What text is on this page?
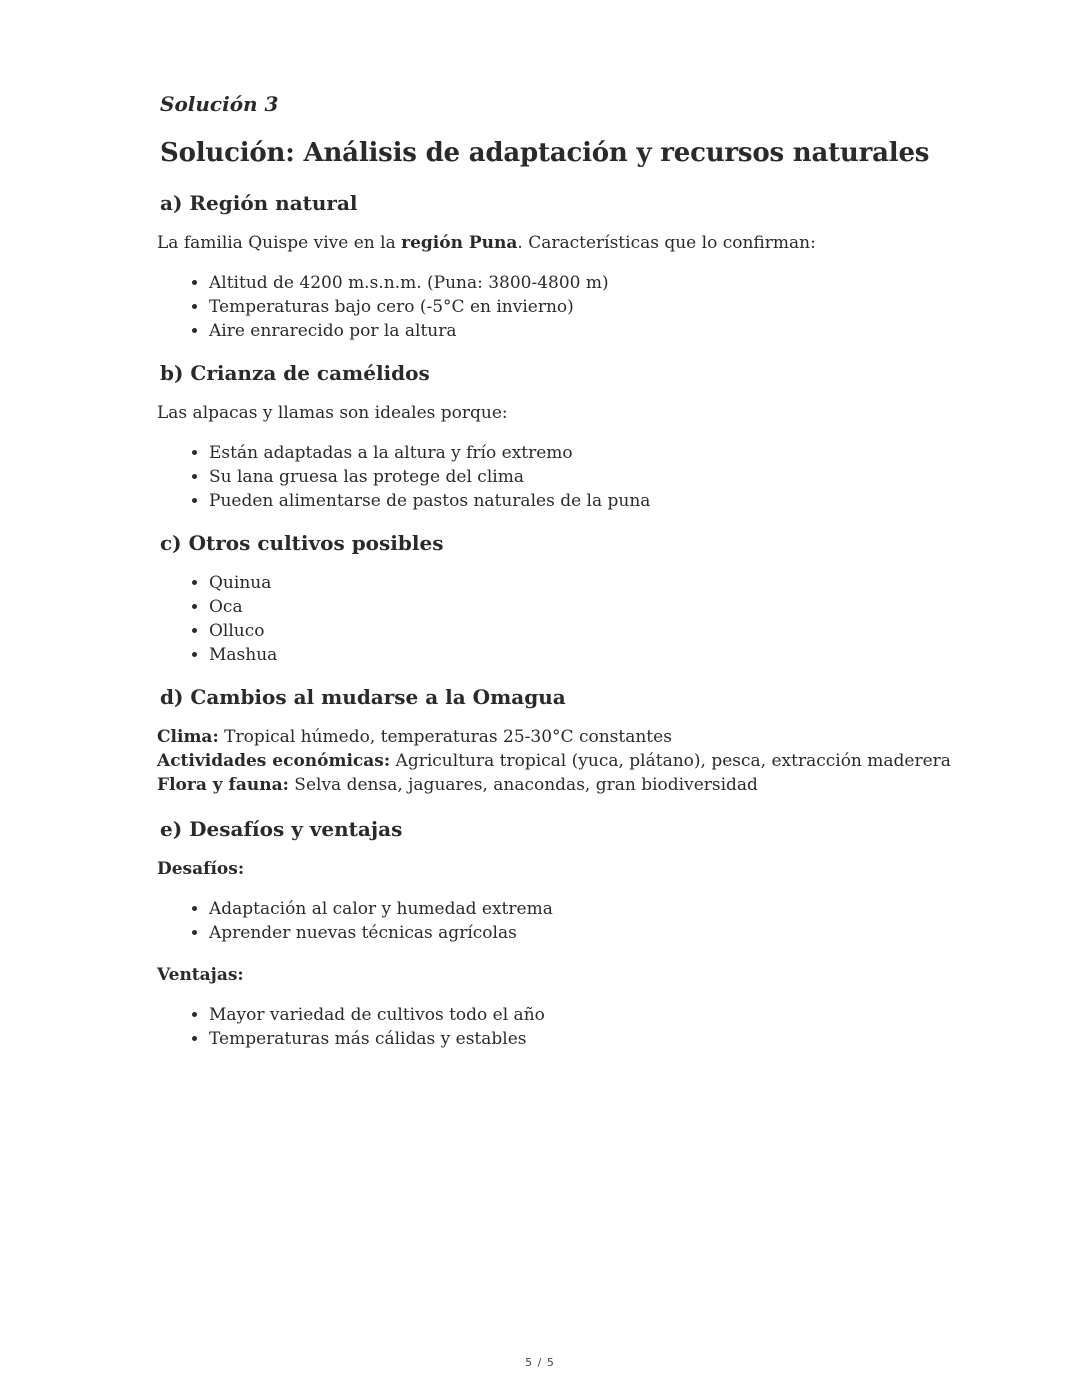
Solución 3
Solución: Análisis de adaptación y recursos naturales
a) Región natural

La familia Quispe vive en la región Puna. Características que lo confirman:

• Altitud de 4200 m.s.n.m. (Puna: 3800-4800 m)
• Temperaturas bajo cero (-5°C en invierno)
• Aire enrarecido por la altura
b) Crianza de camélidos

Las alpacas y llamas son ideales porque:

• Están adaptadas a la altura y frío extremo
• Su lana gruesa las protege del clima
• Pueden alimentarse de pastos naturales de la puna
c) Otros cultivos posibles
• Quinua
• Oca
• Olluco
• Mashua
d) Cambios al mudarse a la Omagua

Clima: Tropical húmedo, temperaturas 25-30°C constantes

Actividades económicas: Agricultura tropical (yuca, plátano), pesca, extracción maderera

Flora y fauna: Selva densa, jaguares, anacondas, gran biodiversidad

e) Desafíos y ventajas

Desafíos:

• Adaptación al calor y humedad extrema
• Aprender nuevas técnicas agrícolas

Ventajas:

• Mayor variedad de cultivos todo el año
• Temperaturas más cálidas y estables
5 / 5
